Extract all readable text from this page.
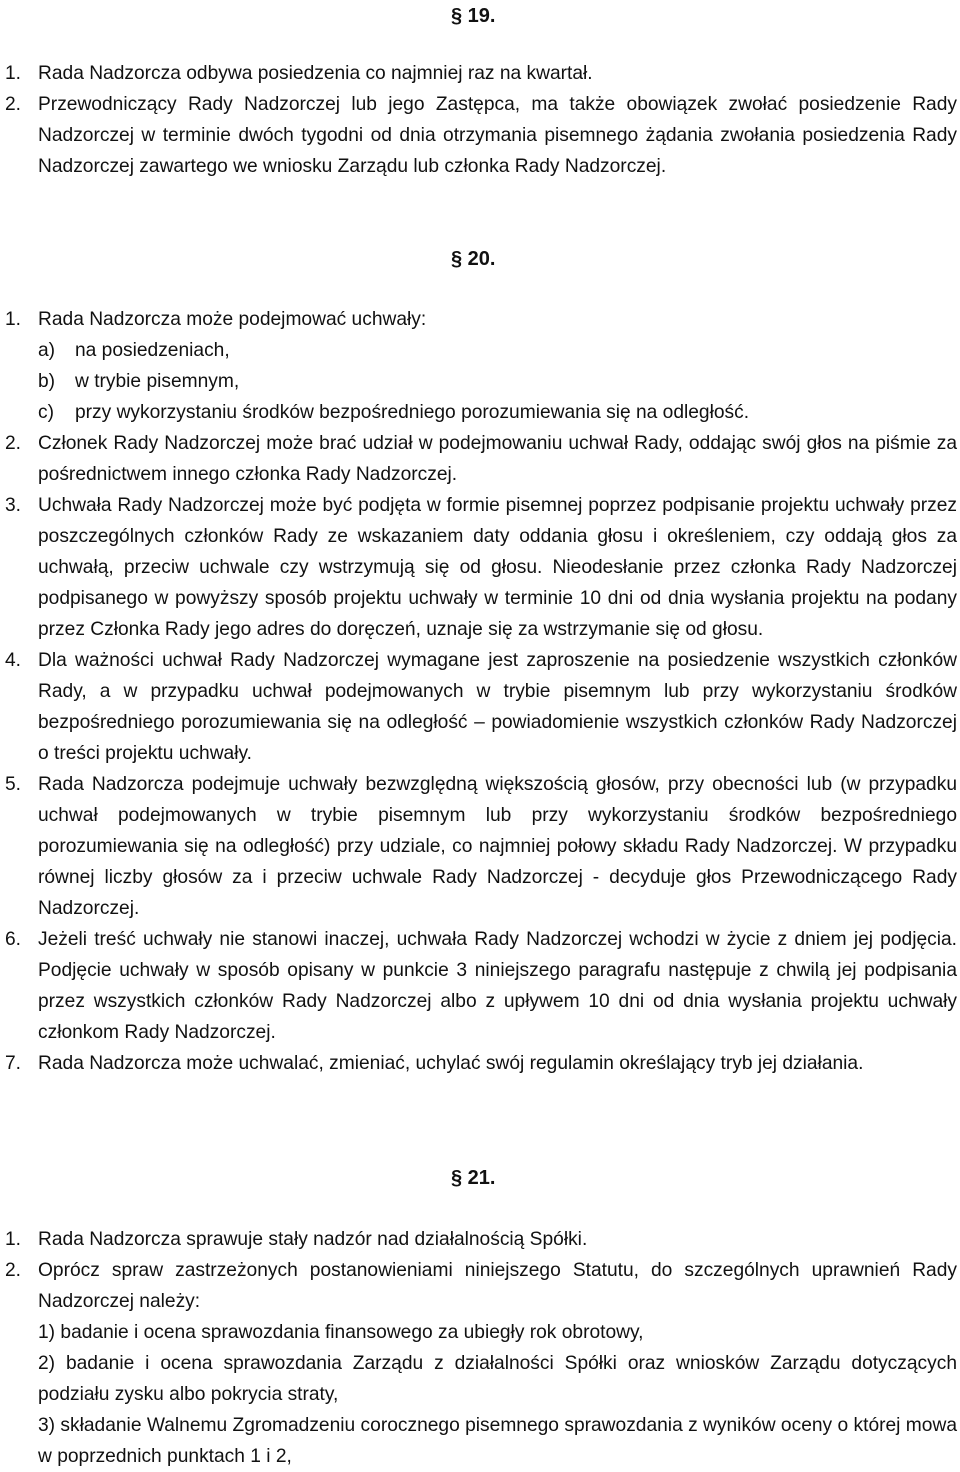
§ 19.
1. Rada Nadzorcza odbywa posiedzenia co najmniej raz na kwartał.
2. Przewodniczący Rady Nadzorczej lub jego Zastępca, ma także obowiązek zwołać posiedzenie Rady Nadzorczej w terminie dwóch tygodni od dnia otrzymania pisemnego żądania zwołania posiedzenia Rady Nadzorczej zawartego we wniosku Zarządu lub członka Rady Nadzorczej.
§ 20.
1. Rada Nadzorcza może podejmować uchwały:
a) na posiedzeniach,
b) w trybie pisemnym,
c) przy wykorzystaniu środków bezpośredniego porozumiewania się na odległość.
2. Członek Rady Nadzorczej może brać udział w podejmowaniu uchwał Rady, oddając swój głos na piśmie za pośrednictwem innego członka Rady Nadzorczej.
3. Uchwała Rady Nadzorczej może być podjęta w formie pisemnej poprzez podpisanie projektu uchwały przez poszczególnych członków Rady ze wskazaniem daty oddania głosu i określeniem, czy oddają głos za uchwałą, przeciw uchwale czy wstrzymują się od głosu. Nieodesłanie przez członka Rady Nadzorczej podpisanego w powyższy sposób projektu uchwały w terminie 10 dni od dnia wysłania projektu na podany przez Członka Rady jego adres do doręczeń, uznaje się za wstrzymanie się od głosu.
4. Dla ważności uchwał Rady Nadzorczej wymagane jest zaproszenie na posiedzenie wszystkich członków Rady, a w przypadku uchwał podejmowanych w trybie pisemnym lub przy wykorzystaniu środków bezpośredniego porozumiewania się na odległość – powiadomienie wszystkich członków Rady Nadzorczej o treści projektu uchwały.
5. Rada Nadzorcza podejmuje uchwały bezwzględną większością głosów, przy obecności lub (w przypadku uchwał podejmowanych w trybie pisemnym lub przy wykorzystaniu środków bezpośredniego porozumiewania się na odległość) przy udziale, co najmniej połowy składu Rady Nadzorczej. W przypadku równej liczby głosów za i przeciw uchwale Rady Nadzorczej - decyduje głos Przewodniczącego Rady Nadzorczej.
6. Jeżeli treść uchwały nie stanowi inaczej, uchwała Rady Nadzorczej wchodzi w życie z dniem jej podjęcia. Podjęcie uchwały w sposób opisany w punkcie 3 niniejszego paragrafu następuje z chwilą jej podpisania przez wszystkich członków Rady Nadzorczej albo z upływem 10 dni od dnia wysłania projektu uchwały członkom Rady Nadzorczej.
7. Rada Nadzorcza może uchwalać, zmieniać, uchylać swój regulamin określający tryb jej działania.
§ 21.
1. Rada Nadzorcza sprawuje stały nadzór nad działalnością Spółki.
2. Oprócz spraw zastrzeżonych postanowieniami niniejszego Statutu, do szczególnych uprawnień Rady Nadzorczej należy:
1) badanie i ocena sprawozdania finansowego za ubiegły rok obrotowy,
2) badanie i ocena sprawozdania Zarządu z działalności Spółki oraz wniosków Zarządu dotyczących podziału zysku albo pokrycia straty,
3) składanie Walnemu Zgromadzeniu corocznego pisemnego sprawozdania z wyników oceny o której mowa w poprzednich punktach 1 i 2,
